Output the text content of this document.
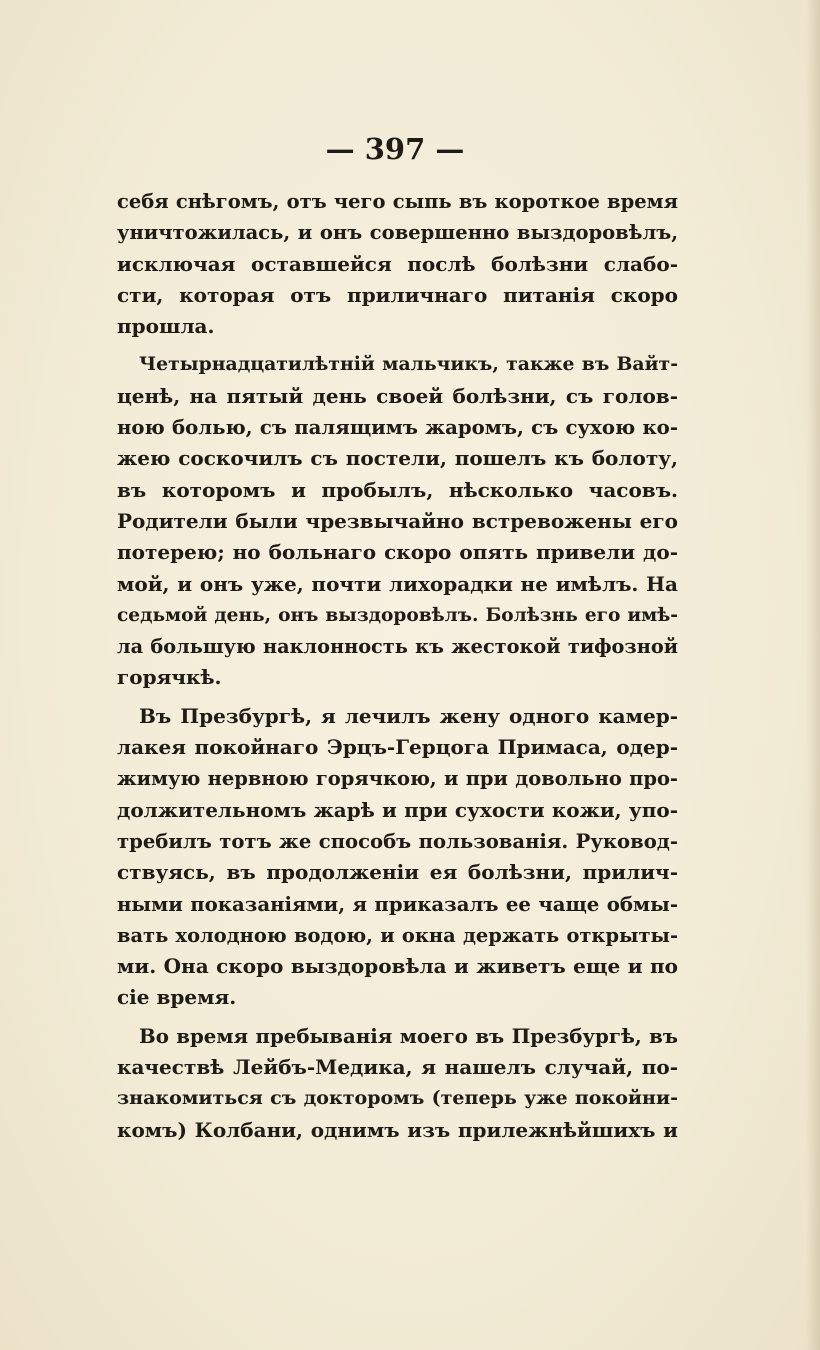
— 397 —
себя снѣгомъ, отъ чего сыпь въ короткое время
уничтожилась, и онъ совершенно выздоровѣлъ,
исключая оставшейся послѣ болѣзни слабо-
сти, которая отъ приличнаго питанія скоро
прошла.
Четырнадцатилѣтній мальчикъ, также въ Вайт-
ценѣ, на пятый день своей болѣзни, съ голов-
ною болью, съ палящимъ жаромъ, съ сухою ко-
жею соскочилъ съ постели, пошелъ къ болоту,
въ которомъ и пробылъ, нѣсколько часовъ.
Родители были чрезвычайно встревожены его
потерею; но больнаго скоро опять привели до-
мой, и онъ уже, почти лихорадки не имѣлъ. На
седьмой день, онъ выздоровѣлъ. Болѣзнь его имѣ-
ла большую наклонность къ жестокой тифозной
горячкѣ.
Въ Презбургѣ, я лечилъ жену одного камер-
лакея покойнаго Эрцъ-Герцога Примаса, одер-
жимую нервною горячкою, и при довольно про-
должительномъ жарѣ и при сухости кожи, упо-
требилъ тотъ же способъ пользованія. Руковод-
ствуясь, въ продолженіи ея болѣзни, прилич-
ными показаніями, я приказалъ ее чаще обмы-
вать холодною водою, и окна держать открыты-
ми. Она скоро выздоровѣла и живетъ еще и по
сіе время.
Во время пребыванія моего въ Презбургѣ, въ
качествѣ Лейбъ-Медика, я нашелъ случай, по-
знакомиться съ докторомъ (теперь уже покойни-
комъ) Колбани, однимъ изъ прилежнѣйшихъ и
